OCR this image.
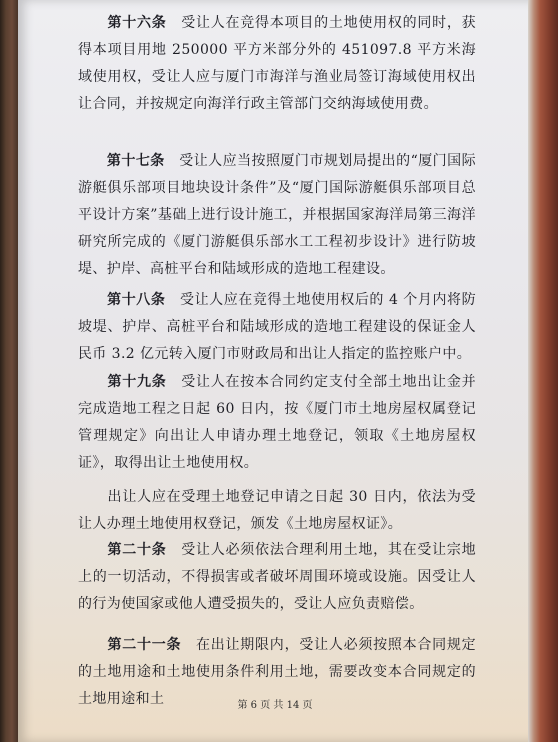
　　第十六条　 受让人在竞得本项目的土地使用权的同时，获得本项目用地 250000 平方米部分外的 451097.8 平方米海域使用权，受让人应与厦门市海洋与渔业局签订海域使用权出让合同，并按规定向海洋行政主管部门交纳海域使用费。

　　第十七条　 受让人应当按照厦门市规划局提出的“厦门国际游艇俱乐部项目地块设计条件”及“厦门国际游艇俱乐部项目总平设计方案”基础上进行设计施工，并根据国家海洋局第三海洋研究所完成的《厦门游艇俱乐部水工工程初步设计》进行防坡堤、护岸、高桩平台和陆域形成的造地工程建设。

　　第十八条　 受让人应在竞得土地使用权后的 4 个月内将防坡堤、护岸、高桩平台和陆域形成的造地工程建设的保证金人民币 3.2 亿元转入厦门市财政局和出让人指定的监控账户中。

　　第十九条　 受让人在按本合同约定支付全部土地出让金并完成造地工程之日起 60 日内，按《厦门市土地房屋权属登记管理规定》向出让人申请办理土地登记，领取《土地房屋权证》，取得出让土地使用权。

　　出让人应在受理土地登记申请之日起 30 日内，依法为受让人办理土地使用权登记，颁发《土地房屋权证》。

　　第二十条　 受让人必须依法合理利用土地，其在受让宗地上的一切活动，不得损害或者破坏周围环境或设施。因受让人的行为使国家或他人遭受损失的，受让人应负责赔偿。

　　第二十一条　 在出让期限内，受让人必须按照本合同规定的土地用途和土地使用条件利用土地，需要改变本合同规定的土地用途和土	第 6 页 共 14 页
